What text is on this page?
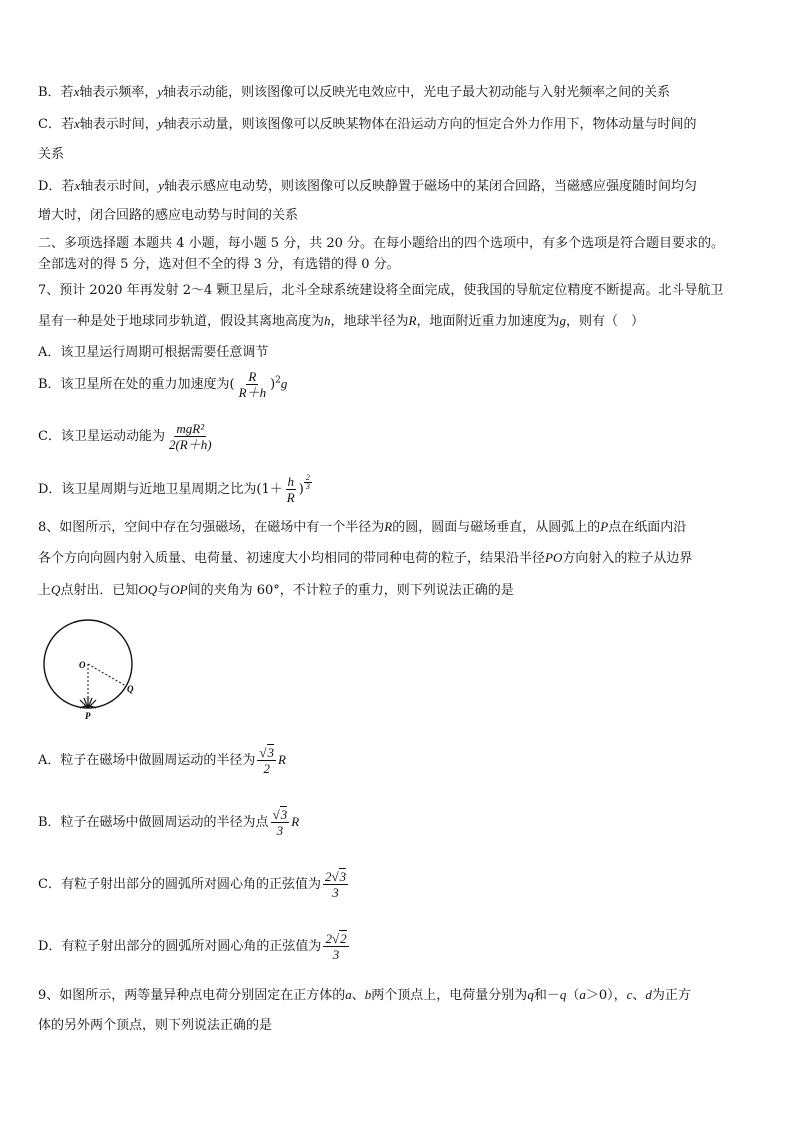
B．若x轴表示频率，y轴表示动能，则该图像可以反映光电效应中，光电子最大初动能与入射光频率之间的关系
C．若x轴表示时间，y轴表示动量，则该图像可以反映某物体在沿运动方向的恒定合外力作用下，物体动量与时间的
关系
D．若x轴表示时间，y轴表示感应电动势，则该图像可以反映静置于磁场中的某闭合回路，当磁感应强度随时间均匀
增大时，闭合回路的感应电动势与时间的关系
二、多项选择题 本题共 4 小题，每小题 5 分，共 20 分。在每小题给出的四个选项中，有多个选项是符合题目要求的。
全部选对的得 5 分，选对但不全的得 3 分，有选错的得 0 分。
7、预计 2020 年再发射 2～4 颗卫星后，北斗全球系统建设将全面完成，使我国的导航定位精度不断提高。北斗导航卫
星有一种是处于地球同步轨道，假设其离地高度为h，地球半径为R，地面附近重力加速度为g，则有（　）
A．该卫星运行周期可根据需要任意调节
B．该卫星所在处的重力加速度为( $\frac{R}{R+h} )^2g$
C．该卫星运动动能为 $\frac{\text{mgR²}}{2(R+h)}$
D．该卫星周期与近地卫星周期之比为($1+ \frac{h}{R}$ ) $^{\frac{2}{3}}$
8、如图所示，空间中存在匀强磁场，在磁场中有一个半径为R的圆，圆面与磁场垂直，从圆弧上的P点在纸面内沿
各个方向向圆内射入质量、电荷量、初速度大小均相同的带同种电荷的粒子，结果沿半径PO方向射入的粒子从边界
上Q点射出．已知OQ与OP间的夹角为 60°，不计粒子的重力，则下列说法正确的是
O
Q
P
A．粒子在磁场中做圆周运动的半径为 $\frac{√3}{2}$ R
B．粒子在磁场中做圆周运动的半径为点 $\frac{√3}{3}$ R
C．有粒子射出部分的圆弧所对圆心角的正弦值为 $\frac{2√3}{3}$
D．有粒子射出部分的圆弧所对圆心角的正弦值为 $\frac{2√2}{3}$
9、如图所示，两等量异种点电荷分别固定在正方体的a、b两个顶点上，电荷量分别为q和－q（a＞0），c、d为正方
体的另外两个顶点，则下列说法正确的是
